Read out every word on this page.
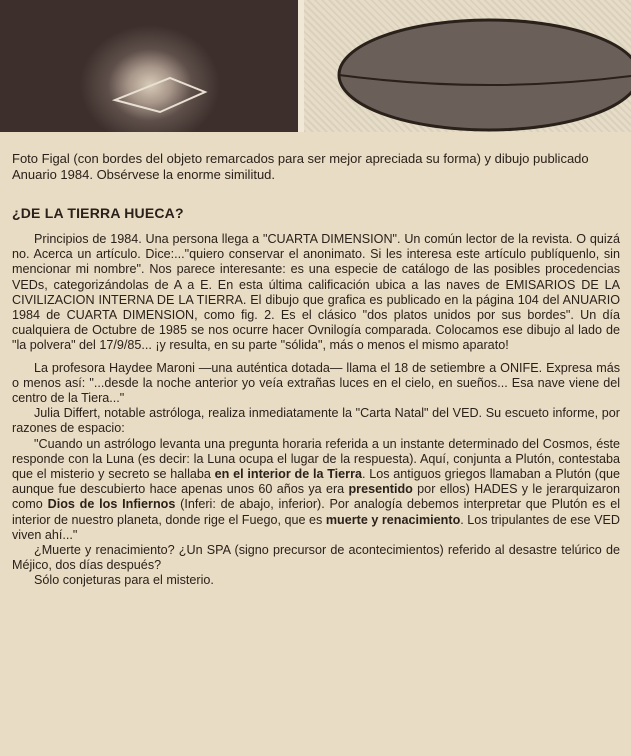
Foto Figal (con bordes del objeto remarcados para ser mejor apreciada su forma) y dibujo publicado Anuario 1984. Obsérvese la enorme similitud.
¿DE LA TIERRA HUECA?

Principios de 1984. Una persona llega a "CUARTA DIMENSION". Un común lector de la revista. O quizá no. Acerca un artículo. Dice:..."quiero conservar el anonimato. Si les interesa este artículo publíquenlo, sin mencionar mi nombre". Nos parece interesante: es una especie de catálogo de las posibles procedencias VEDs, categorizándolas de A a E. En esta última calificación ubica a las naves de EMISARIOS DE LA CIVILIZACION INTERNA DE LA TIERRA. El dibujo que grafica es publicado en la página 104 del ANUARIO 1984 de CUARTA DIMENSION, como fig. 2. Es el clásico "dos platos unidos por sus bordes". Un día cualquiera de Octubre de 1985 se nos ocurre hacer Ovnilogía comparada. Colocamos ese dibujo al lado de "la polvera" del 17/9/85... ¡y resulta, en su parte "sólida", más o menos el mismo aparato!

La profesora Haydee Maroni —una auténtica dotada— llama el 18 de setiembre a ONIFE. Expresa más o menos así: "...desde la noche anterior yo veía extrañas luces en el cielo, en sueños... Esa nave viene del centro de la Tiera..."

Julia Differt, notable astróloga, realiza inmediatamente la "Carta Natal" del VED. Su escueto informe, por razones de espacio:

"Cuando un astrólogo levanta una pregunta horaria referida a un instante determinado del Cosmos, éste responde con la Luna (es decir: la Luna ocupa el lugar de la respuesta). Aquí, conjunta a Plutón, contestaba que el misterio y secreto se hallaba en el interior de la Tierra. Los antiguos griegos llamaban a Plutón (que aunque fue descubierto hace apenas unos 60 años ya era presentido por ellos) HADES y le jerarquizaron como Dios de los Infiernos (Inferi: de abajo, inferior). Por analogía debemos interpretar que Plutón es el interior de nuestro planeta, donde rige el Fuego, que es muerte y renacimiento. Los tripulantes de ese VED viven ahí..."

¿Muerte y renacimiento? ¿Un SPA (signo precursor de acontecimientos) referido al desastre telúrico de Méjico, dos días después?

Sólo conjeturas para el misterio.
